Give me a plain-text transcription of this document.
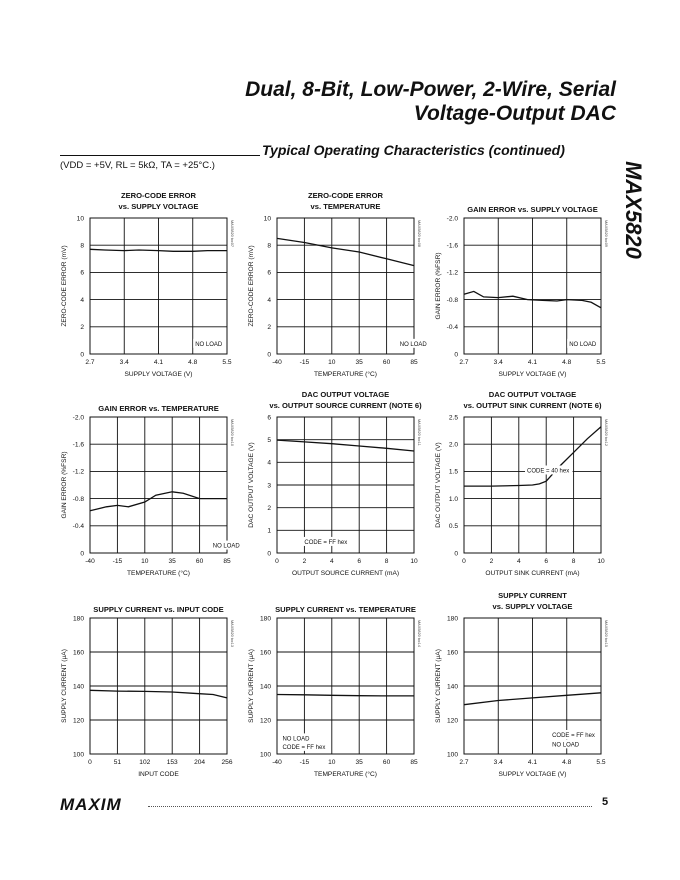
Dual, 8-Bit, Low-Power, 2-Wire, Serial
Voltage-Output DAC
Typical Operating Characteristics (continued)
(VDD = +5V, RL = 5kΩ, TA = +25°C.)	MAX5820
ZERO-CODE ERROR
vs. SUPPLY VOLTAGE
2.7	3.4	4.1	4.8	5.5
0
2
4
6
8
10
SUPPLY VOLTAGE (V)
ZERO-CODE ERROR (mV)
MAX5820 toc07
NO LOAD
ZERO-CODE ERROR
vs. TEMPERATURE
-40	-15	10	35	60	85
0
2
4
6
8
10
TEMPERATURE (°C)
ZERO-CODE ERROR (mV)
MAX5820 toc08
NO LOAD
GAIN ERROR vs. SUPPLY VOLTAGE
2.7	3.4	4.1	4.8	5.5
0
-0.4
-0.8
-1.2
-1.6
-2.0
SUPPLY VOLTAGE (V)
GAIN ERROR (%FSR)
MAX5820 toc09
NO LOAD
GAIN ERROR vs. TEMPERATURE
-40	-15	10	35	60	85
0
-0.4
-0.8
-1.2
-1.6
-2.0
TEMPERATURE (°C)
GAIN ERROR (%FSR)
MAX5820 toc10
NO LOAD
DAC OUTPUT VOLTAGE
vs. OUTPUT SOURCE CURRENT (NOTE 6)
0	2	4	6	8	10
0
1
2
3
4
5
6
OUTPUT SOURCE CURRENT (mA)
DAC OUTPUT VOLTAGE (V)
MAX5820 toc11
CODE = FF hex
DAC OUTPUT VOLTAGE
vs. OUTPUT SINK CURRENT (NOTE 6)
0	2	4	6	8	10
0
0.5
1.0
1.5
2.0
2.5
OUTPUT SINK CURRENT (mA)
DAC OUTPUT VOLTAGE (V)
MAX5820 toc12
CODE = 40 hex
SUPPLY CURRENT vs. INPUT CODE
0	51	102 153 204 256
100
120
140
160
180
INPUT CODE
SUPPLY CURRENT (μA)
MAX5820 toc13
SUPPLY CURRENT vs. TEMPERATURE
-40	-15	10	35	60	85
100
120
140
160
180
TEMPERATURE (°C)
SUPPLY CURRENT (μA)
MAX5820 toc14
NO LOAD
CODE = FF hex
SUPPLY CURRENT
vs. SUPPLY VOLTAGE
2.7	3.4	4.1	4.8	5.5
100
120
140
160
180
SUPPLY VOLTAGE (V)
SUPPLY CURRENT (μA)
MAX5820 toc15
CODE = FF hex
NO LOAD
MAXIM	5
